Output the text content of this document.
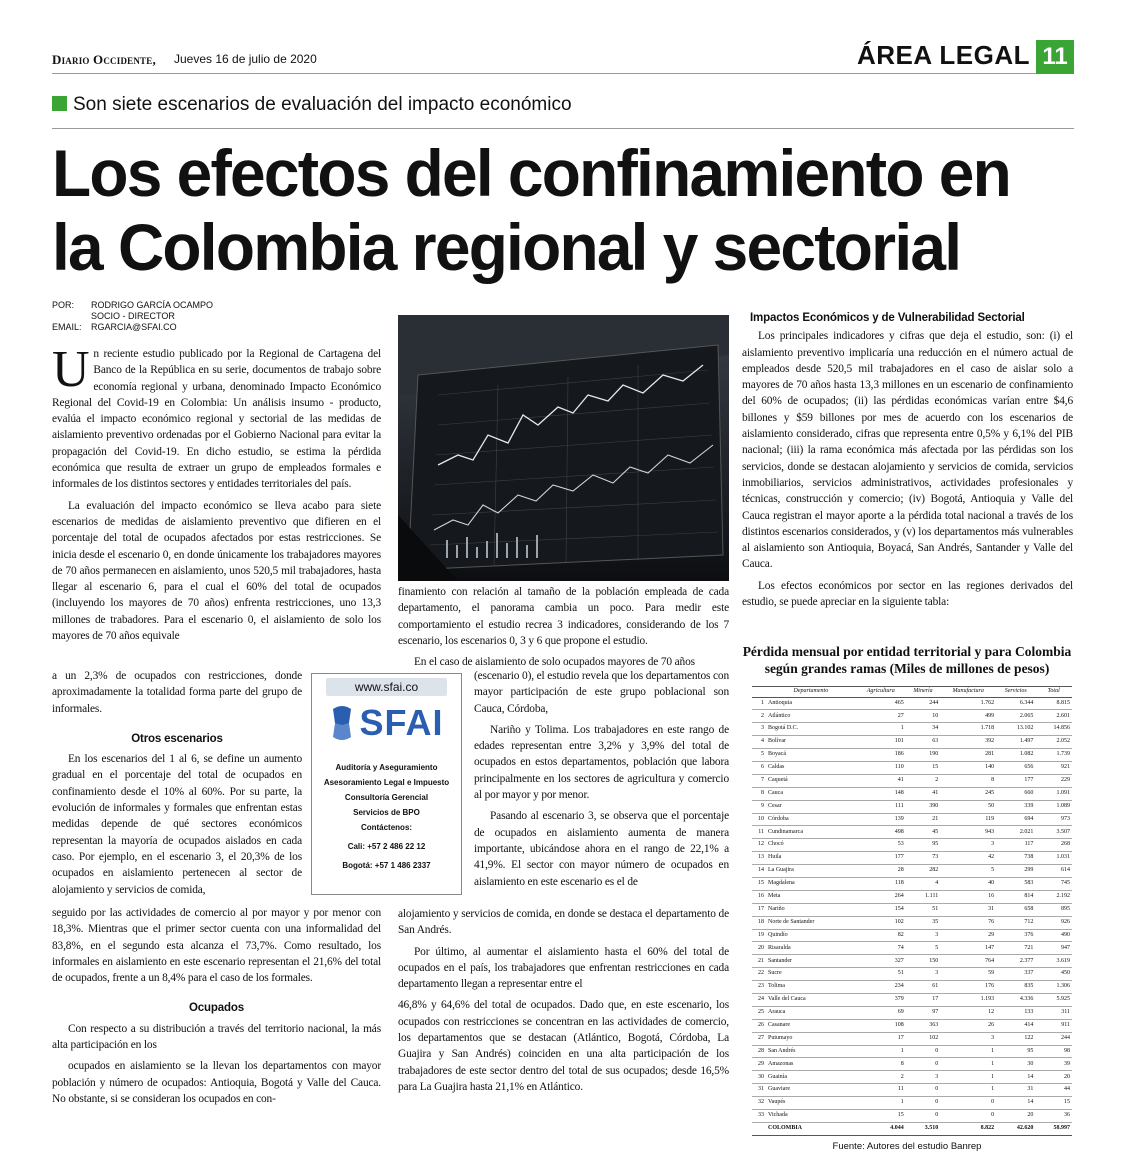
Diario Occidente, Jueves 16 de julio de 2020	ÁREA LEGAL 11
Son siete escenarios de evaluación del impacto económico
Los efectos del confinamiento en
la Colombia regional y sectorial
POR:	RODRIGO GARCÍA OCAMPO
SOCIO - DIRECTOR
EMAIL:	RGARCIA@SFAI.CO

Un reciente estudio publicado por la Regional de Cartagena del Banco de la República en su serie, documentos de trabajo sobre economía regional y urbana, denominado Impacto Económico Regional del Covid-19 en Colombia: Un análisis insumo - producto, evalúa el impacto económico regional y sectorial de las medidas de aislamiento preventivo ordenadas por el Gobierno Nacional para evitar la propagación del Covid-19. En dicho estudio, se estima la pérdida económica que resulta de extraer un grupo de empleados formales e informales de los distintos sectores y entidades territoriales del país.

La evaluación del impacto económico se lleva acabo para siete escenarios de medidas de aislamiento preventivo que difieren en el porcentaje del total de ocupados afectados por estas restricciones. Se inicia desde el escenario 0, en donde únicamente los trabajadores mayores de 70 años permanecen en aislamiento, unos 520,5 mil trabajadores, hasta llegar al escenario 6, para el cual el 60% del total de ocupados (incluyendo los mayores de 70 años) enfrenta restricciones, uno 13,3 millones de trabadores. Para el escenario 0, el aislamiento de solo los mayores de 70 años equivale

a un 2,3% de ocupados con restricciones, donde aproximadamente la totalidad forma parte del grupo de informales.

Otros escenarios

En los escenarios del 1 al 6, se define un aumento gradual en el porcentaje del total de ocupados en confinamiento desde el 10% al 60%. Por su parte, la evolución de informales y formales que enfrentan estas medidas depende de qué sectores económicos representan la mayoría de ocupados aislados en cada caso. Por ejemplo, en el escenario 3, el 20,3% de los ocupados en aislamiento pertenecen al sector de alojamiento y servicios de comida,

seguido por las actividades de comercio al por mayor y por menor con 18,3%. Mientras que el primer sector cuenta con una informalidad del 83,8%, en el segundo esta alcanza el 73,7%. Como resultado, los informales en aislamiento en este escenario representan el 21,6% del total de ocupados, frente a un 8,4% para el caso de los formales.

Ocupados

Con respecto a su distribución a través del territorio nacional, la más alta participación en los

ocupados en aislamiento se la llevan los departamentos con mayor población y número de ocupados: Antioquia, Bogotá y Valle del Cauca. No obstante, si se consideran los ocupados en con-

finamiento con relación al tamaño de la población empleada de cada departamento, el panorama cambia un poco. Para medir este comportamiento el estudio recrea 3 indicadores, considerando de los 7 escenario, los escenarios 0, 3 y 6 que propone el estudio.

En el caso de aislamiento de solo ocupados mayores de 70 años

(escenario 0), el estudio revela que los departamentos con mayor participación de este grupo poblacional son Cauca, Córdoba,

Nariño y Tolima. Los trabajadores en este rango de edades representan entre 3,2% y 3,9% del total de ocupados en estos departamentos, población que labora principalmente en los sectores de agricultura y comercio al por mayor y por menor.

Pasando al escenario 3, se observa que el porcentaje de ocupados en aislamiento aumenta de manera importante, ubicándose ahora en el rango de 22,1% a 41,9%. El sector con mayor número de ocupados en aislamiento en este escenario es el de

alojamiento y servicios de comida, en donde se destaca el departamento de San Andrés.

Por último, al aumentar el aislamiento hasta el 60% del total de ocupados en el país, los trabajadores que enfrentan restricciones en cada departamento llegan a representar entre el

46,8% y 64,6% del total de ocupados. Dado que, en este escenario, los ocupados con restricciones se concentran en las actividades de comercio, los departamentos que se destacan (Atlántico, Bogotá, Córdoba, La Guajira y San Andrés) coinciden en una alta participación de los trabajadores de este sector dentro del total de sus ocupados; desde 16,5% para La Guajira hasta 21,1% en Atlántico.

www.sfai.co
SFAI
Auditoría y Aseguramiento
Asesoramiento Legal e Impuesto
Consultoría Gerencial
Servicios de BPO
Contáctenos:
Cali: +57 2 486 22 12
Bogotá: +57 1 486 2337
Impactos Económicos y de Vulnerabilidad Sectorial

Los principales indicadores y cifras que deja el estudio, son: (i) el aislamiento preventivo implicaría una reducción en el número actual de empleados desde 520,5 mil trabajadores en el caso de aislar solo a mayores de 70 años hasta 13,3 millones en un escenario de confinamiento del 60% de ocupados; (ii) las pérdidas económicas varían entre $4,6 billones y $59 billones por mes de acuerdo con los escenarios de aislamiento considerado, cifras que representa entre 0,5% y 6,1% del PIB nacional; (iii) la rama económica más afectada por las pérdidas son los servicios, donde se destacan alojamiento y servicios de comida, servicios inmobiliarios, servicios administrativos, actividades profesionales y técnicas, construcción y comercio; (iv) Bogotá, Antioquia y Valle del Cauca registran el mayor aporte a la pérdida total nacional a través de los distintos escenarios considerados, y (v) los departamentos más vulnerables al aislamiento son Antioquia, Boyacá, San Andrés, Santander y Valle del Cauca.

Los efectos económicos por sector en las regiones derivados del estudio, se puede apreciar en la siguiente tabla:

Pérdida mensual por entidad territorial y para Colombia según grandes ramas (Miles de millones de pesos)
	Departamento	Agricultura	Minería	Manufactura	Servicios	Total
1	Antioquia	465	244	1.762	6.344	8.815
2	Atlántico	27	10	499	2.065	2.601
3	Bogotá D.C.	1	34	1.718	13.102	14.856
4	Bolívar	101	63	392	1.497	2.052
5	Boyacá	186	190	281	1.082	1.739
6	Caldas	110	15	140	656	921
7	Caquetá	41	2	8	177	229
8	Cauca	148	41	245	660	1.091
9	Cesar	111	390	50	339	1.089
10	Córdoba	139	21	119	694	973
11	Cundinamarca	498	45	943	2.021	3.507
12	Chocó	53	95	3	117	268
13	Huila	177	73	42	738	1.031
14	La Guajira	28	282	5	299	614
15	Magdalena	118	4	40	583	745
16	Meta	264	1.111	16	814	2.192
17	Nariño	154	51	31	658	895
18	Norte de Santander	102	35	76	712	926
19	Quindío	82	3	29	376	490
20	Risaralda	74	5	147	721	947
21	Santander	327	150	764	2.377	3.619
22	Sucre	51	3	59	337	450
23	Tolima	234	61	176	835	1.306
24	Valle del Cauca	379	17	1.193	4.336	5.925
25	Arauca	69	97	12	133	311
26	Casanare	108	363	26	414	911
27	Putumayo	17	102	3	122	244
28	San Andrés	1	0	1	95	98
29	Amazonas	8	0	1	30	39
30	Guainía	2	3	1	14	20
31	Guaviare	11	0	1	31	44
32	Vaupés	1	0	0	14	15
33	Vichada	15	0	0	20	36
	COLOMBIA	4.044	3.510	8.822	42.620	58.997
Fuente: Autores del estudio Banrep
